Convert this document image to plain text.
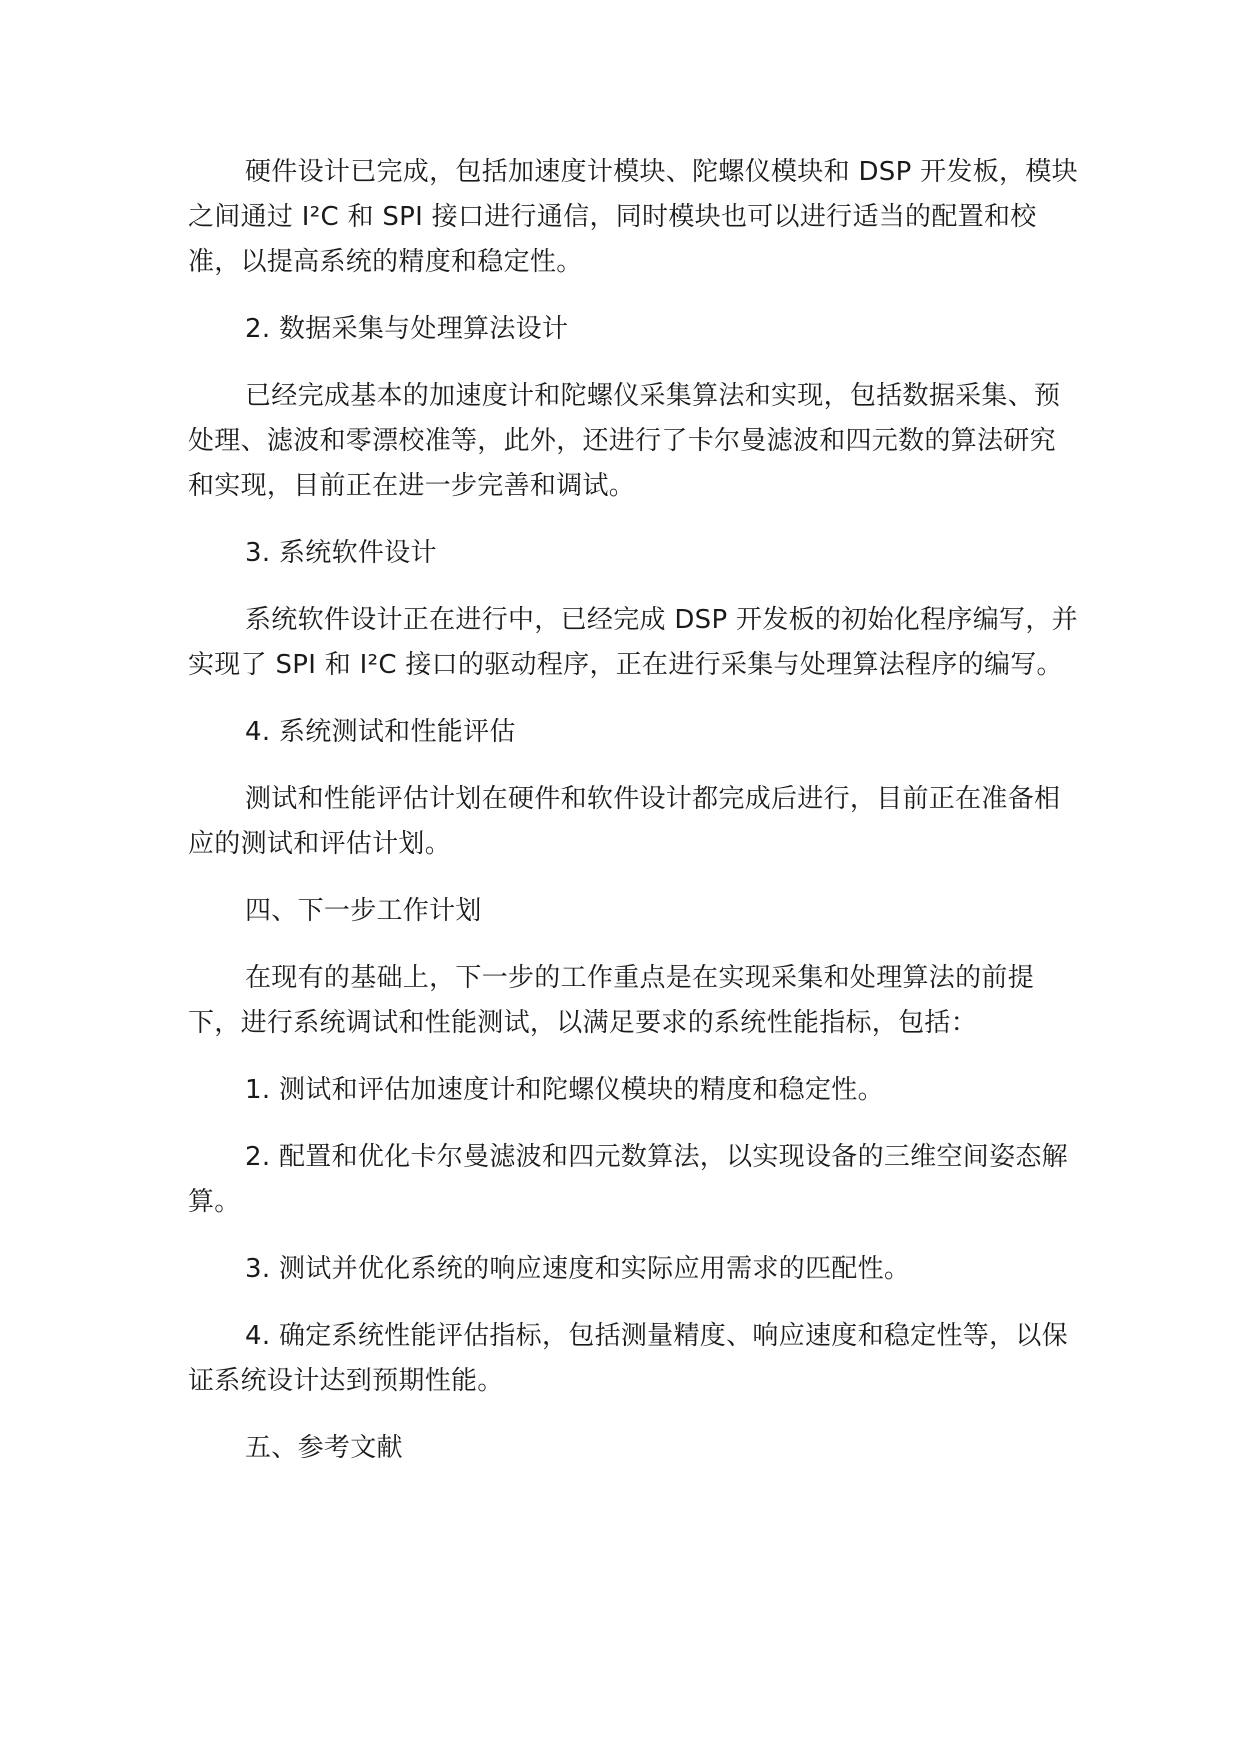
硬件设计已完成，包括加速度计模块、陀螺仪模块和 DSP 开发板，模块之间通过 I²C 和 SPI 接口进行通信，同时模块也可以进行适当的配置和校准，以提高系统的精度和稳定性。

2. 数据采集与处理算法设计

已经完成基本的加速度计和陀螺仪采集算法和实现，包括数据采集、预处理、滤波和零漂校准等，此外，还进行了卡尔曼滤波和四元数的算法研究和实现，目前正在进一步完善和调试。

3. 系统软件设计

系统软件设计正在进行中，已经完成 DSP 开发板的初始化程序编写，并实现了 SPI 和 I²C 接口的驱动程序，正在进行采集与处理算法程序的编写。

4. 系统测试和性能评估

测试和性能评估计划在硬件和软件设计都完成后进行，目前正在准备相应的测试和评估计划。

四、下一步工作计划

在现有的基础上，下一步的工作重点是在实现采集和处理算法的前提下，进行系统调试和性能测试，以满足要求的系统性能指标，包括：

1. 测试和评估加速度计和陀螺仪模块的精度和稳定性。

2. 配置和优化卡尔曼滤波和四元数算法，以实现设备的三维空间姿态解算。

3. 测试并优化系统的响应速度和实际应用需求的匹配性。

4. 确定系统性能评估指标，包括测量精度、响应速度和稳定性等，以保证系统设计达到预期性能。

五、参考文献
